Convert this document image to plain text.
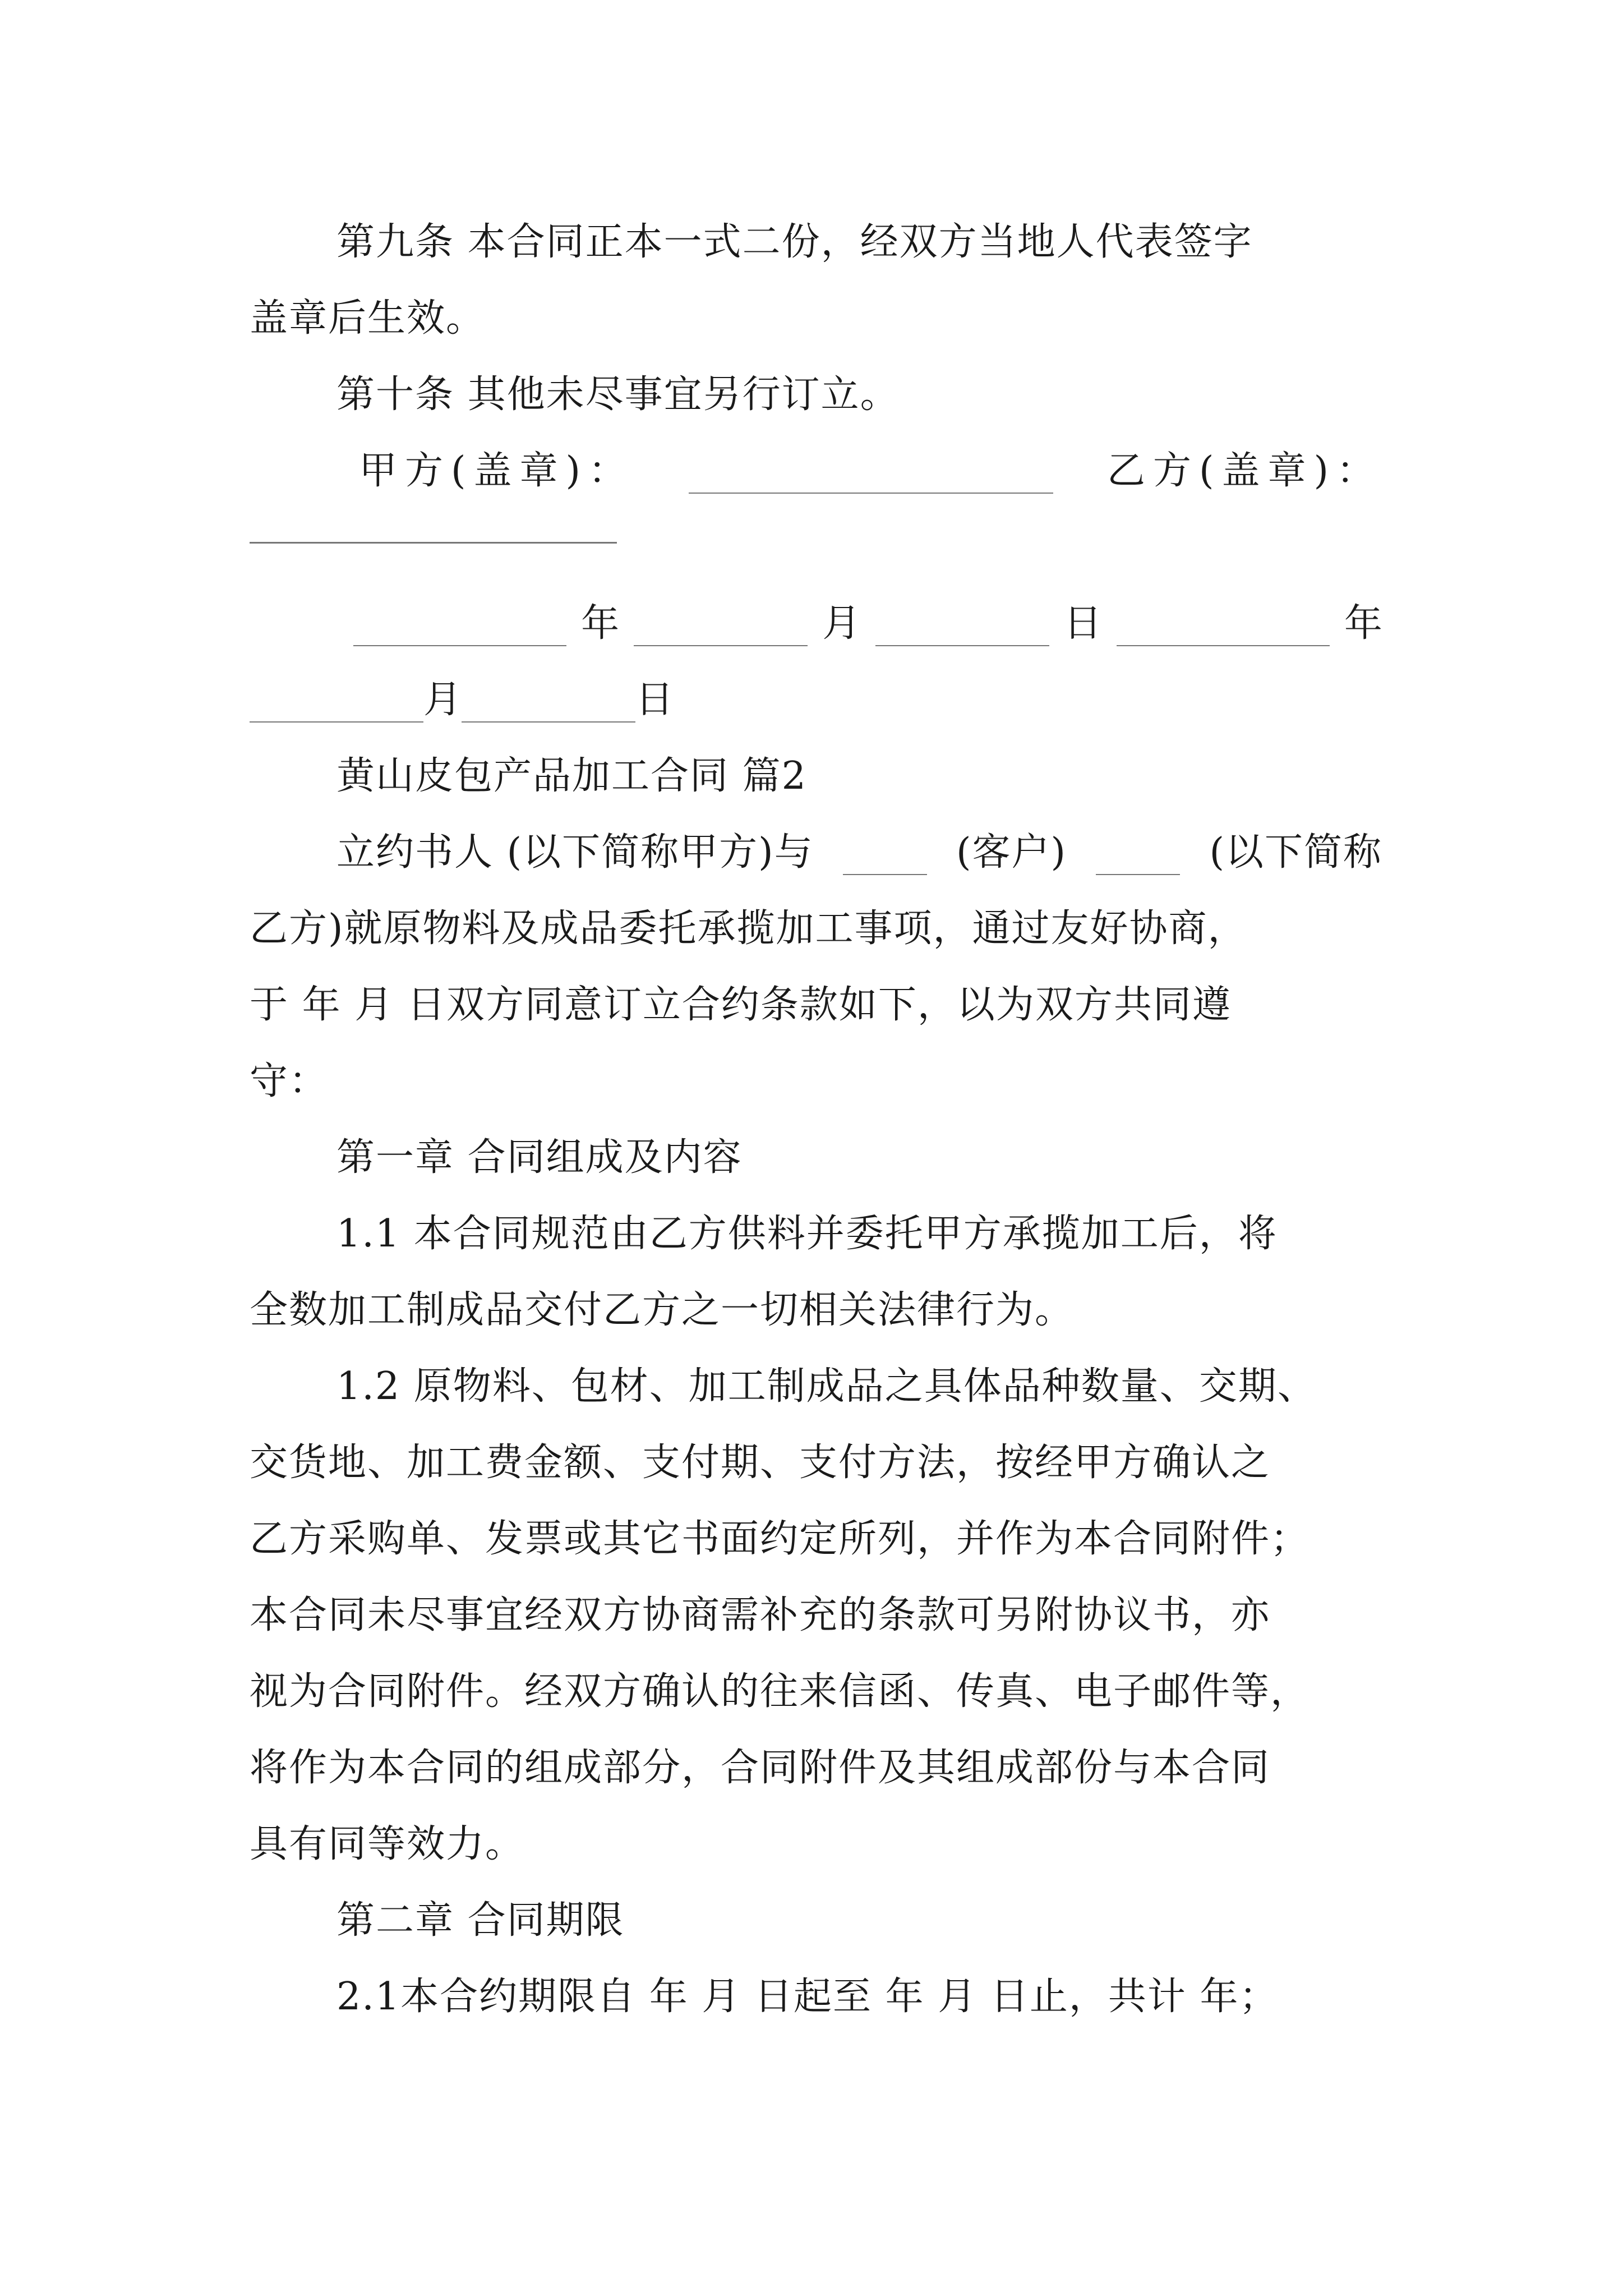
第九条 本合同正本一式二份，经双方当地人代表签字
盖章后生效。
第十条 其他未尽事宜另行订立。
甲方(盖章)：	乙方(盖章)：
年	月	日	年
月	日
黄山皮包产品加工合同 篇2
立约书人 (以下简称甲方)与	(客户)	(以下简称
乙方)就原物料及成品委托承揽加工事项，通过友好协商，
于 年 月 日双方同意订立合约条款如下，以为双方共同遵
守：
第一章 合同组成及内容
1.1 本合同规范由乙方供料并委托甲方承揽加工后，将
全数加工制成品交付乙方之一切相关法律行为。
1.2 原物料、包材、加工制成品之具体品种数量、交期、
交货地、加工费金额、支付期、支付方法，按经甲方确认之
乙方采购单、发票或其它书面约定所列，并作为本合同附件；
本合同未尽事宜经双方协商需补充的条款可另附协议书，亦
视为合同附件。经双方确认的往来信函、传真、电子邮件等，
将作为本合同的组成部分，合同附件及其组成部份与本合同
具有同等效力。
第二章 合同期限
2.1本合约期限自 年 月 日起至 年 月 日止，共计 年；
